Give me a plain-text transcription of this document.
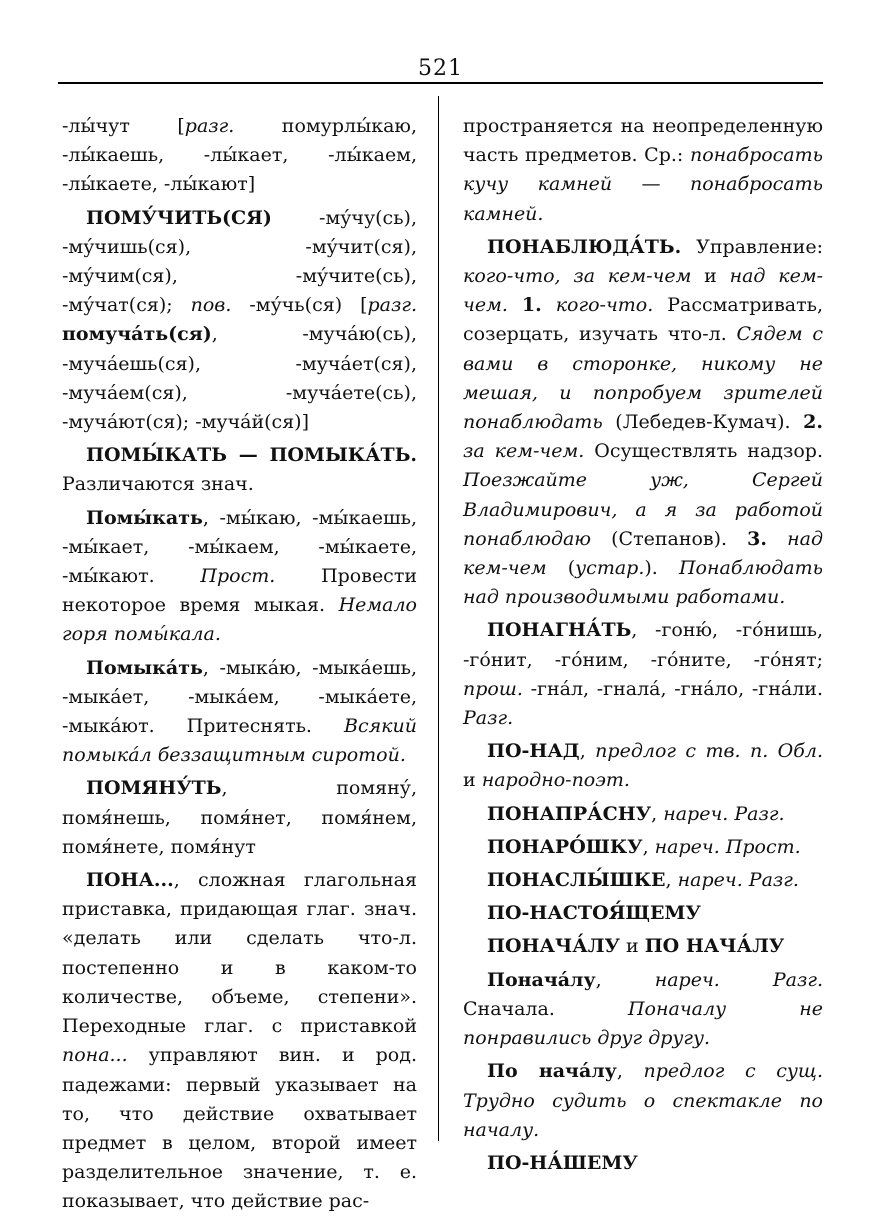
521

-лы́чут [разг. помурлы́каю, -лы́каешь, -лы́кает, -лы́каем, -лы́каете, -лы́кают]

ПОМУ́ЧИТЬ(СЯ) -му́чу(сь), -му́чишь(ся), -му́чит(ся), -му́чим(ся), -му́чите(сь), -му́чат(ся); пов. -му́чь(ся) [разг. помучáть(ся), -мучáю(сь), -мучáешь(ся), -мучáет(ся), -мучáем(ся), -мучáете(сь), -мучáют(ся); -мучáй(ся)]

ПОМЫ́КАТЬ — ПОМЫКА́ТЬ. Различаются знач.

Помы́кать, -мы́каю, -мы́каешь, -мы́кает, -мы́каем, -мы́каете, -мы́кают. Прост. Провести некоторое время мыкая. Немало горя помы́кала.

Помыкáть, -мыкáю, -мыкáешь, -мыкáет, -мыкáем, -мыкáете, -мыкáют. Притеснять. Всякий помыкáл беззащитным сиротой.

ПОМЯНУ́ТЬ, помяну́, помя́нешь, помя́нет, помя́нем, помя́нете, помя́нут

ПОНА..., сложная глагольная приставка, придающая глаг. знач. «делать или сделать что-л. постепенно и в каком-то количестве, объеме, степени». Переходные глаг. с приставкой пона... управляют вин. и род. падежами: первый указывает на то, что действие охватывает предмет в целом, второй имеет разделительное значение, т. е. показывает, что действие рас-

пространяется на неопределенную часть предметов. Ср.: понабросать кучу камней — понабросать камней.

ПОНАБЛЮДА́ТЬ. Управление: кого-что, за кем-чем и над кем-чем. 1. кого-что. Рассматривать, созерцать, изучать что-л. Сядем с вами в сторонке, никому не мешая, и попробуем зрителей понаблюдать (Лебедев-Кумач). 2. за кем-чем. Осуществлять надзор. Поезжайте уж, Сергей Владимирович, а я за работой понаблюдаю (Степанов). 3. над кем-чем (устар.). Понаблюдать над производимыми работами.

ПОНАГНА́ТЬ, -гоню́, -го́нишь, -го́нит, -го́ним, -го́ните, -го́нят; прош. -гна́л, -гнала́, -гна́ло, -гна́ли. Разг.

ПО-НАД, предлог с тв. п. Обл. и народно-поэт.

ПОНАПРА́СНУ, нареч. Разг.

ПОНАРО́ШКУ, нареч. Прост.

ПОНАСЛЫ́ШКЕ, нареч. Разг.

ПО-НАСТОЯ́ЩЕМУ

ПОНАЧА́ЛУ и ПО НАЧА́ЛУ

Поначáлу, нареч. Разг. Сначала. Поначалу не понравились друг другу.

По начáлу, предлог с сущ. Трудно судить о спектакле по началу.

ПО-НА́ШЕМУ
